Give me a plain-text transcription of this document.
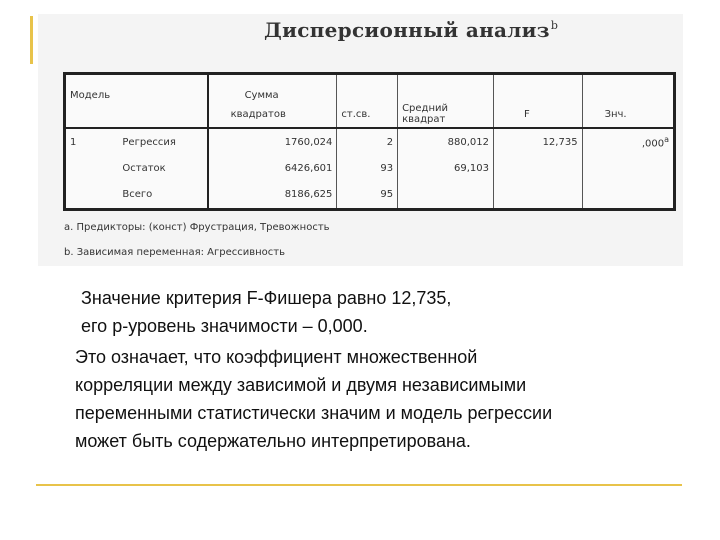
Дисперсионный анализ$^b$
Модель		Сумма				
		квадратов	ст.св.	Средний квадрат	F	Знч.
1	Регрессия	1760,024	2	880,012	12,735	,000$^a$
	Остаток	6426,601	93	69,103		
	Всего	8186,625	95			
a. Предикторы: (конст) Фрустрация, Тревожность
b. Зависимая переменная: Агрессивность
Значение критерия F-Фишера равно 12,735,
его р-уровень значимости – 0,000.
Это означает, что коэффициент множественной
корреляции между зависимой и двумя независимыми
переменными статистически значим и модель регрессии
может быть содержательно интерпретирована.
